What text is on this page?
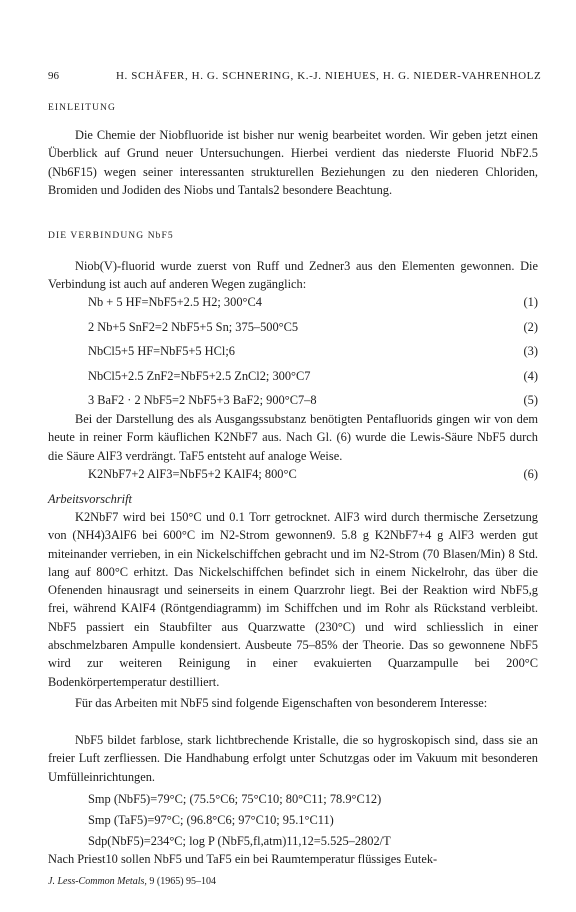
96	H. SCHÄFER, H. G. SCHNERING, K.-J. NIEHUES, H. G. NIEDER-VAHRENHOLZ
EINLEITUNG

Die Chemie der Niobfluoride ist bisher nur wenig bearbeitet worden. Wir geben jetzt einen Überblick auf Grund neuer Untersuchungen. Hierbei verdient das niederste Fluorid NbF2.5 (Nb6F15) wegen seiner interessanten strukturellen Beziehungen zu den niederen Chloriden, Bromiden und Jodiden des Niobs und Tantals2 besondere Beachtung.

DIE VERBINDUNG NbF5

Niob(V)-fluorid wurde zuerst von Ruff und Zedner3 aus den Elementen gewonnen. Die Verbindung ist auch auf anderen Wegen zugänglich:

Nb + 5 HF=NbF5+2.5 H2; 300°C4	(1)
2 Nb+5 SnF2=2 NbF5+5 Sn; 375–500°C5	(2)
NbCl5+5 HF=NbF5+5 HCl;6	(3)
NbCl5+2.5 ZnF2=NbF5+2.5 ZnCl2; 300°C7	(4)
3 BaF2 · 2 NbF5=2 NbF5+3 BaF2; 900°C7–8	(5)

Bei der Darstellung des als Ausgangssubstanz benötigten Pentafluorids gingen wir von dem heute in reiner Form käuflichen K2NbF7 aus. Nach Gl. (6) wurde die Lewis-Säure NbF5 durch die Säure AlF3 verdrängt. TaF5 entsteht auf analoge Weise.

K2NbF7+2 AlF3=NbF5+2 KAlF4; 800°C	(6)
Arbeitsvorschrift

K2NbF7 wird bei 150°C und 0.1 Torr getrocknet. AlF3 wird durch thermische Zersetzung von (NH4)3AlF6 bei 600°C im N2-Strom gewonnen9. 5.8 g K2NbF7+4 g AlF3 werden gut miteinander verrieben, in ein Nickelschiffchen gebracht und im N2-Strom (70 Blasen/Min) 8 Std. lang auf 800°C erhitzt. Das Nickelschiffchen befindet sich in einem Nickelrohr, das über die Ofenenden hinausragt und seinerseits in einem Quarzrohr liegt. Bei der Reaktion wird NbF5,g frei, während KAlF4 (Röntgendiagramm) im Schiffchen und im Rohr als Rückstand verbleibt. NbF5 passiert ein Staubfilter aus Quarzwatte (230°C) und wird schliesslich in einer abschmelzbaren Ampulle kondensiert. Ausbeute 75–85% der Theorie. Das so gewonnene NbF5 wird zur weiteren Reinigung in einer evakuierten Quarzampulle bei 200°C Bodenkörpertemperatur destilliert.

Für das Arbeiten mit NbF5 sind folgende Eigenschaften von besonderem Interesse:

NbF5 bildet farblose, stark lichtbrechende Kristalle, die so hygroskopisch sind, dass sie an freier Luft zerfliessen. Die Handhabung erfolgt unter Schutzgas oder im Vakuum mit besonderen Umfülleinrichtungen.

Smp (NbF5)=79°C; (75.5°C6; 75°C10; 80°C11; 78.9°C12)
Smp (TaF5)=97°C; (96.8°C6; 97°C10; 95.1°C11)
Sdp(NbF5)=234°C; log P (NbF5,fl,atm)11,12=5.525–2802/T

Nach Priest10 sollen NbF5 und TaF5 ein bei Raumtemperatur flüssiges Eutek-

J. Less-Common Metals, 9 (1965) 95–104
